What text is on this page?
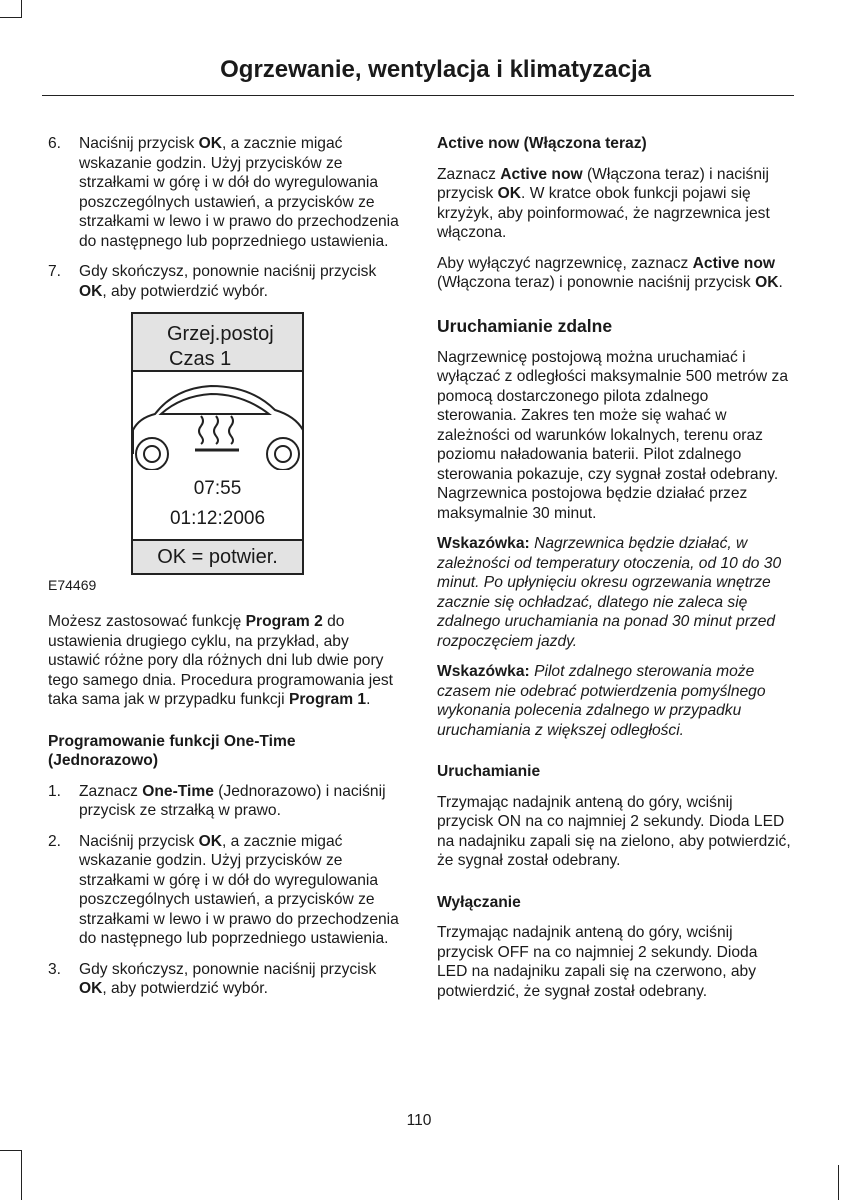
Ogrzewanie, wentylacja i klimatyzacja
6.	Naciśnij przycisk OK, a zacznie migać wskazanie godzin. Użyj przycisków ze strzałkami w górę i w dół do wyregulowania poszczególnych ustawień, a przycisków ze strzałkami w lewo i w prawo do przechodzenia do następnego lub poprzedniego ustawienia.
7.	Gdy skończysz, ponownie naciśnij przycisk OK, aby potwierdzić wybór.
Grzej.postoj
Czas 1
07:55
01:12:2006
OK = potwier.
E74469

Możesz zastosować funkcję Program 2 do ustawienia drugiego cyklu, na przykład, aby ustawić różne pory dla różnych dni lub dwie pory tego samego dnia. Procedura programowania jest taka sama jak w przypadku funkcji Program 1.

Programowanie funkcji One-Time (Jednorazowo)

1.	Zaznacz One-Time (Jednorazowo) i naciśnij przycisk ze strzałką w prawo.
2.	Naciśnij przycisk OK, a zacznie migać wskazanie godzin. Użyj przycisków ze strzałkami w górę i w dół do wyregulowania poszczególnych ustawień, a przycisków ze strzałkami w lewo i w prawo do przechodzenia do następnego lub poprzedniego ustawienia.
3.	Gdy skończysz, ponownie naciśnij przycisk OK, aby potwierdzić wybór.

Active now (Włączona teraz)

Zaznacz Active now (Włączona teraz) i naciśnij przycisk OK. W kratce obok funkcji pojawi się krzyżyk, aby poinformować, że nagrzewnica jest włączona.

Aby wyłączyć nagrzewnicę, zaznacz Active now (Włączona teraz) i ponownie naciśnij przycisk OK.

Uruchamianie zdalne

Nagrzewnicę postojową można uruchamiać i wyłączać z odległości maksymalnie 500 metrów za pomocą dostarczonego pilota zdalnego sterowania. Zakres ten może się wahać w zależności od warunków lokalnych, terenu oraz poziomu naładowania baterii. Pilot zdalnego sterowania pokazuje, czy sygnał został odebrany. Nagrzewnica postojowa będzie działać przez maksymalnie 30 minut.

Wskazówka: Nagrzewnica będzie działać, w zależności od temperatury otoczenia, od 10 do 30 minut. Po upłynięciu okresu ogrzewania wnętrze zacznie się ochładzać, dlatego nie zaleca się zdalnego uruchamiania na ponad 30 minut przed rozpoczęciem jazdy.

Wskazówka: Pilot zdalnego sterowania może czasem nie odebrać potwierdzenia pomyślnego wykonania polecenia zdalnego w przypadku uruchamiania z większej odległości.

Uruchamianie

Trzymając nadajnik anteną do góry, wciśnij przycisk ON na co najmniej 2 sekundy. Dioda LED na nadajniku zapali się na zielono, aby potwierdzić, że sygnał został odebrany.

Wyłączanie

Trzymając nadajnik anteną do góry, wciśnij przycisk OFF na co najmniej 2 sekundy. Dioda LED na nadajniku zapali się na czerwono, aby potwierdzić, że sygnał został odebrany.

110
